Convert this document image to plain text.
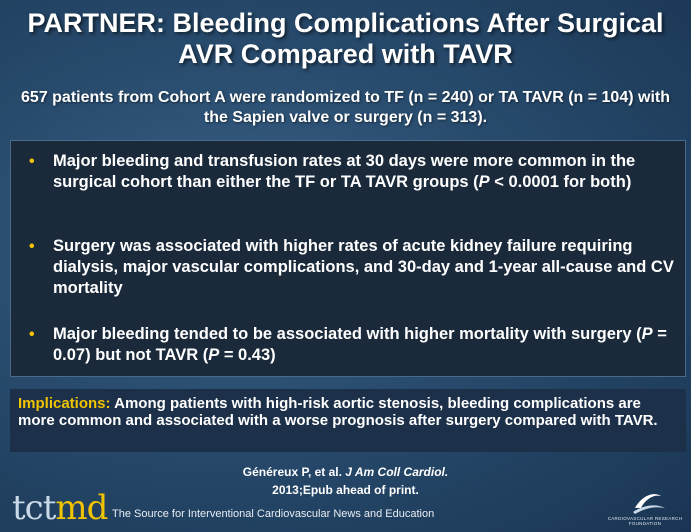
PARTNER: Bleeding Complications After Surgical
AVR Compared with TAVR
657 patients from Cohort A were randomized to TF (n = 240) or TA TAVR (n = 104) with the Sapien valve or surgery (n = 313).
• Major bleeding and transfusion rates at 30 days were more common in the surgical cohort than either the TF or TA TAVR groups (P < 0.0001 for both)
• Surgery was associated with higher rates of acute kidney failure requiring dialysis, major vascular complications, and 30-day and 1-year all-cause and CV mortality
• Major bleeding tended to be associated with higher mortality with surgery (P = 0.07) but not TAVR (P = 0.43)
Implications: Among patients with high-risk aortic stenosis, bleeding complications are more common and associated with a worse prognosis after surgery compared with TAVR.
Généreux P, et al. J Am Coll Cardiol.
2013;Epub ahead of print.
tctmd The Source for Interventional Cardiovascular News and Education	CARDIOVASCULAR RESEARCH
FOUNDATION
